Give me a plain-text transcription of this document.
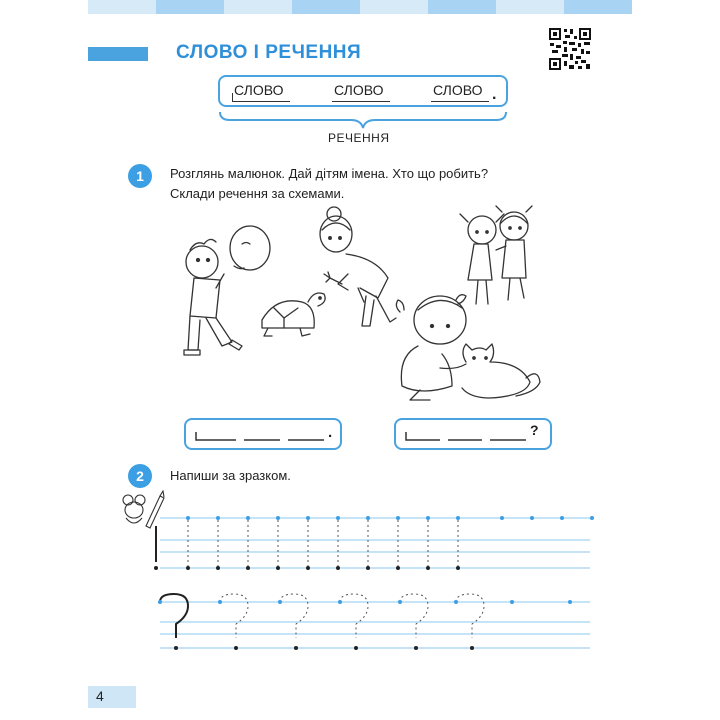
СЛОВО І РЕЧЕННЯ
СЛОВО	СЛОВО	СЛОВО .
РЕЧЕННЯ
1	Розглянь малюнок. Дай дітям імена. Хто що робить?
Склади речення за схемами.
.	?
2	Напиши за зразком.
4
